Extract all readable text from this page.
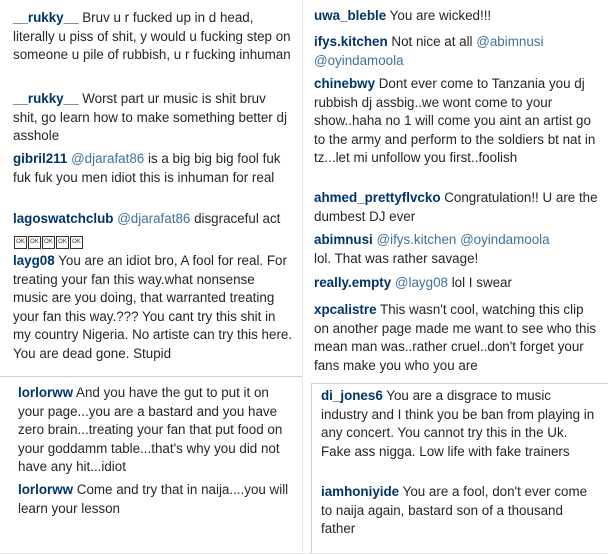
__rukky__ Bruv u r fucked up in d head, literally u piss of shit, y would u fucking step on someone u pile of rubbish, u r fucking inhuman
__rukky__ Worst part ur music is shit bruv shit, go learn how to make something better dj asshole
gibril211 @djarafat86 is a big big big fool fuk fuk fuk you men idiot this is inhuman for real
lagoswatchclub @djarafat86 disgraceful act OK OK OK OK OK
layg08 You are an idiot bro, A fool for real. For treating your fan this way.what nonsense music are you doing, that warranted treating your fan this way.??? You cant try this shit in my country Nigeria. No artiste can try this here. You are dead gone. Stupid
uwa_bleble You are wicked!!!
ifys.kitchen Not nice at all @abimnusi @oyindamoola
chinebwy Dont ever come to Tanzania you dj rubbish dj assbig..we wont come to your show..haha no 1 will come you aint an artist go to the army and perform to the soldiers bt nat in tz...let mi unfollow you first..foolish
ahmed_prettyflvcko Congratulation!! U are the dumbest DJ ever
abimnusi @ifys.kitchen @oyindamoola
lol. That was rather savage!
really.empty @layg08 lol I swear
xpcalistre This wasn't cool, watching this clip on another page made me want to see who this mean man was..rather cruel..don't forget your fans make you who you are
lorlorww And you have the gut to put it on your page...you are a bastard and you have zero brain...treating your fan that put food on your goddamm table...that's why you did not have any hit...idiot
lorlorww Come and try that in naija....you will learn your lesson
di_jones6 You are a disgrace to music industry and I think you be ban from playing in any concert. You cannot try this in the Uk. Fake ass nigga. Low life with fake trainers
iamhoniyide You are a fool, don't ever come to naija again, bastard son of a thousand father
